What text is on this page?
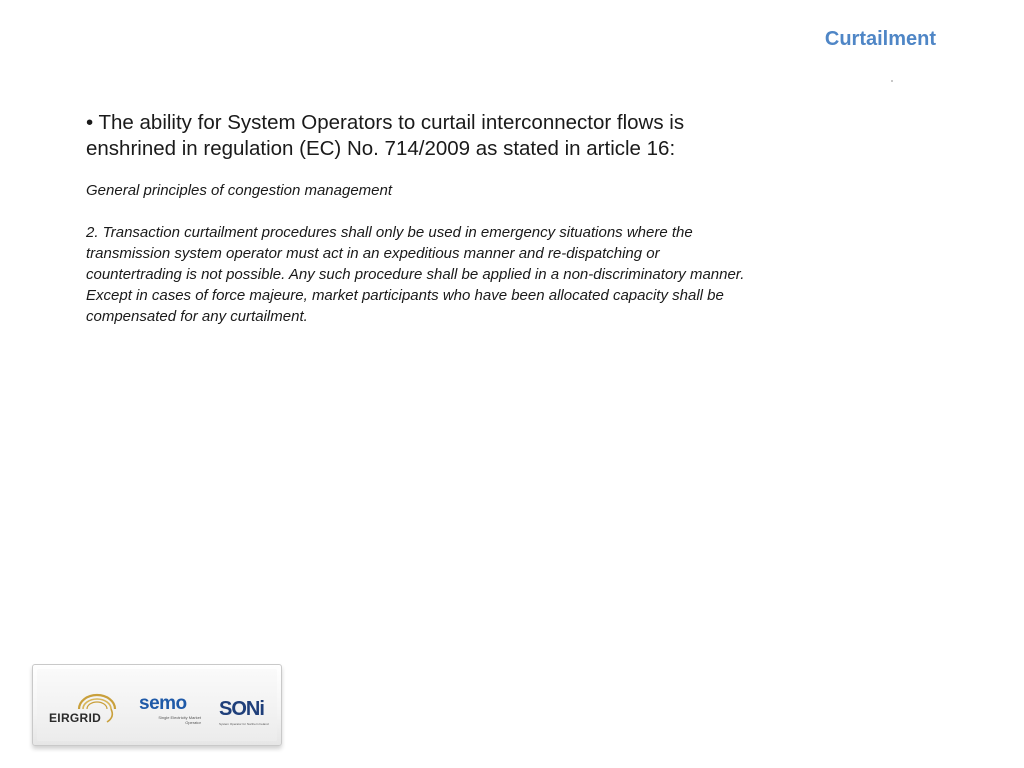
Curtailment

• The ability for System Operators to curtail interconnector flows is enshrined in regulation (EC) No. 714/2009 as stated in article 16:

General principles of congestion management

2. Transaction curtailment procedures shall only be used in emergency situations where the transmission system operator must act in an expeditious manner and re-dispatching or countertrading is not possible. Any such procedure shall be applied in a non-discriminatory manner. Except in cases of force majeure, market participants who have been allocated capacity shall be compensated for any curtailment.

EIRGRID
semo
Single Electricity Market Operator
SONi
System Operator for Northern Ireland
